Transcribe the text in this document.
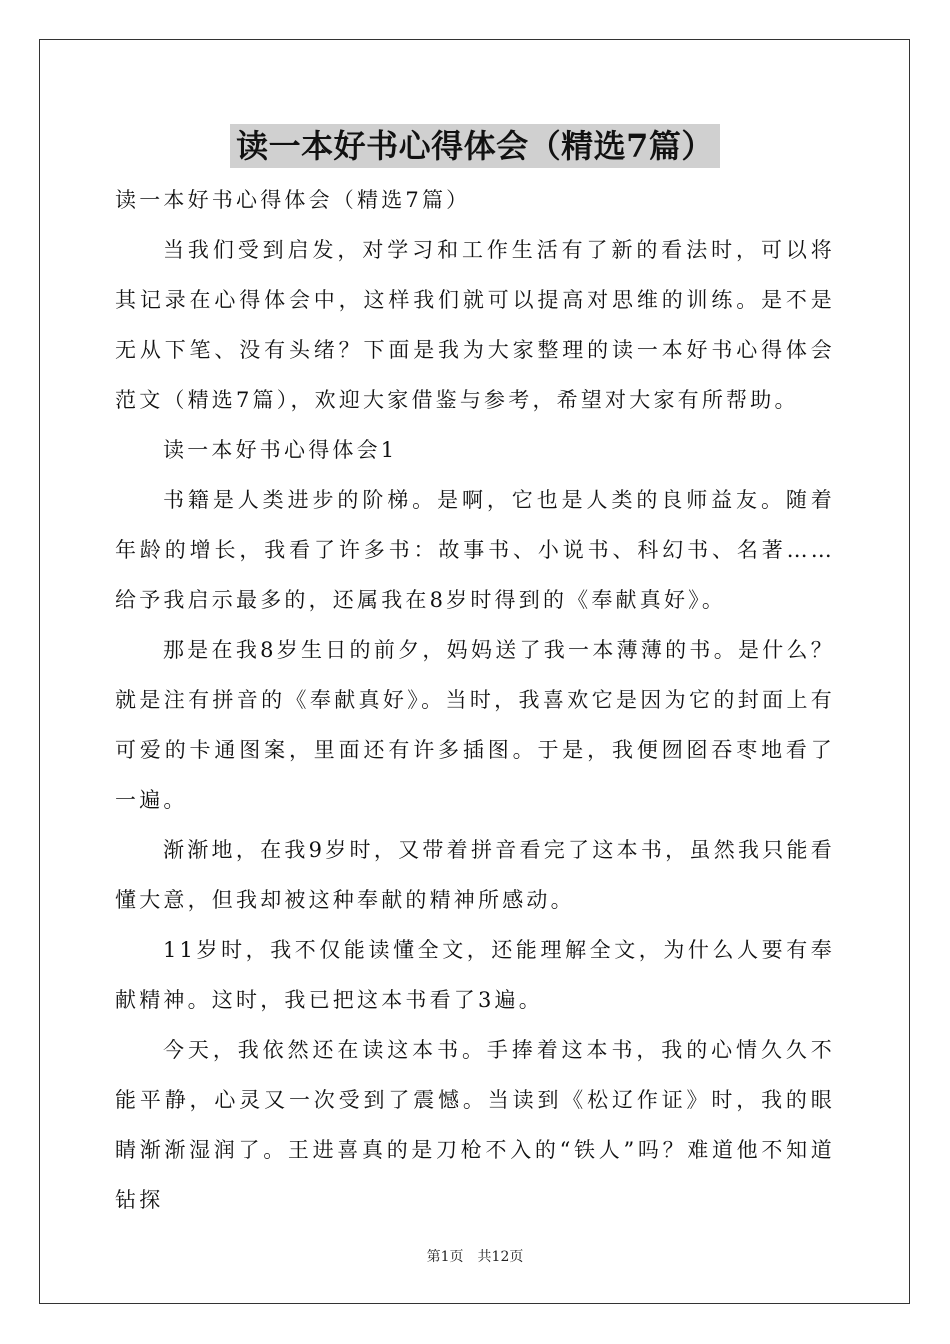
读一本好书心得体会（精选7篇）

读一本好书心得体会（精选7篇）

当我们受到启发，对学习和工作生活有了新的看法时，可以将其记录在心得体会中，这样我们就可以提高对思维的训练。是不是无从下笔、没有头绪？下面是我为大家整理的读一本好书心得体会范文（精选7篇），欢迎大家借鉴与参考，希望对大家有所帮助。

读一本好书心得体会1

书籍是人类进步的阶梯。是啊，它也是人类的良师益友。随着年龄的增长，我看了许多书：故事书、小说书、科幻书、名著……给予我启示最多的，还属我在8岁时得到的《奉献真好》。

那是在我8岁生日的前夕，妈妈送了我一本薄薄的书。是什么？就是注有拼音的《奉献真好》。当时，我喜欢它是因为它的封面上有可爱的卡通图案，里面还有许多插图。于是，我便囫囵吞枣地看了一遍。

渐渐地，在我9岁时，又带着拼音看完了这本书，虽然我只能看懂大意，但我却被这种奉献的精神所感动。

11岁时，我不仅能读懂全文，还能理解全文，为什么人要有奉献精神。这时，我已把这本书看了3遍。

今天，我依然还在读这本书。手捧着这本书，我的心情久久不能平静，心灵又一次受到了震憾。当读到《松辽作证》时，我的眼睛渐渐湿润了。王进喜真的是刀枪不入的“铁人”吗？难道他不知道钻探

第1页　共12页
